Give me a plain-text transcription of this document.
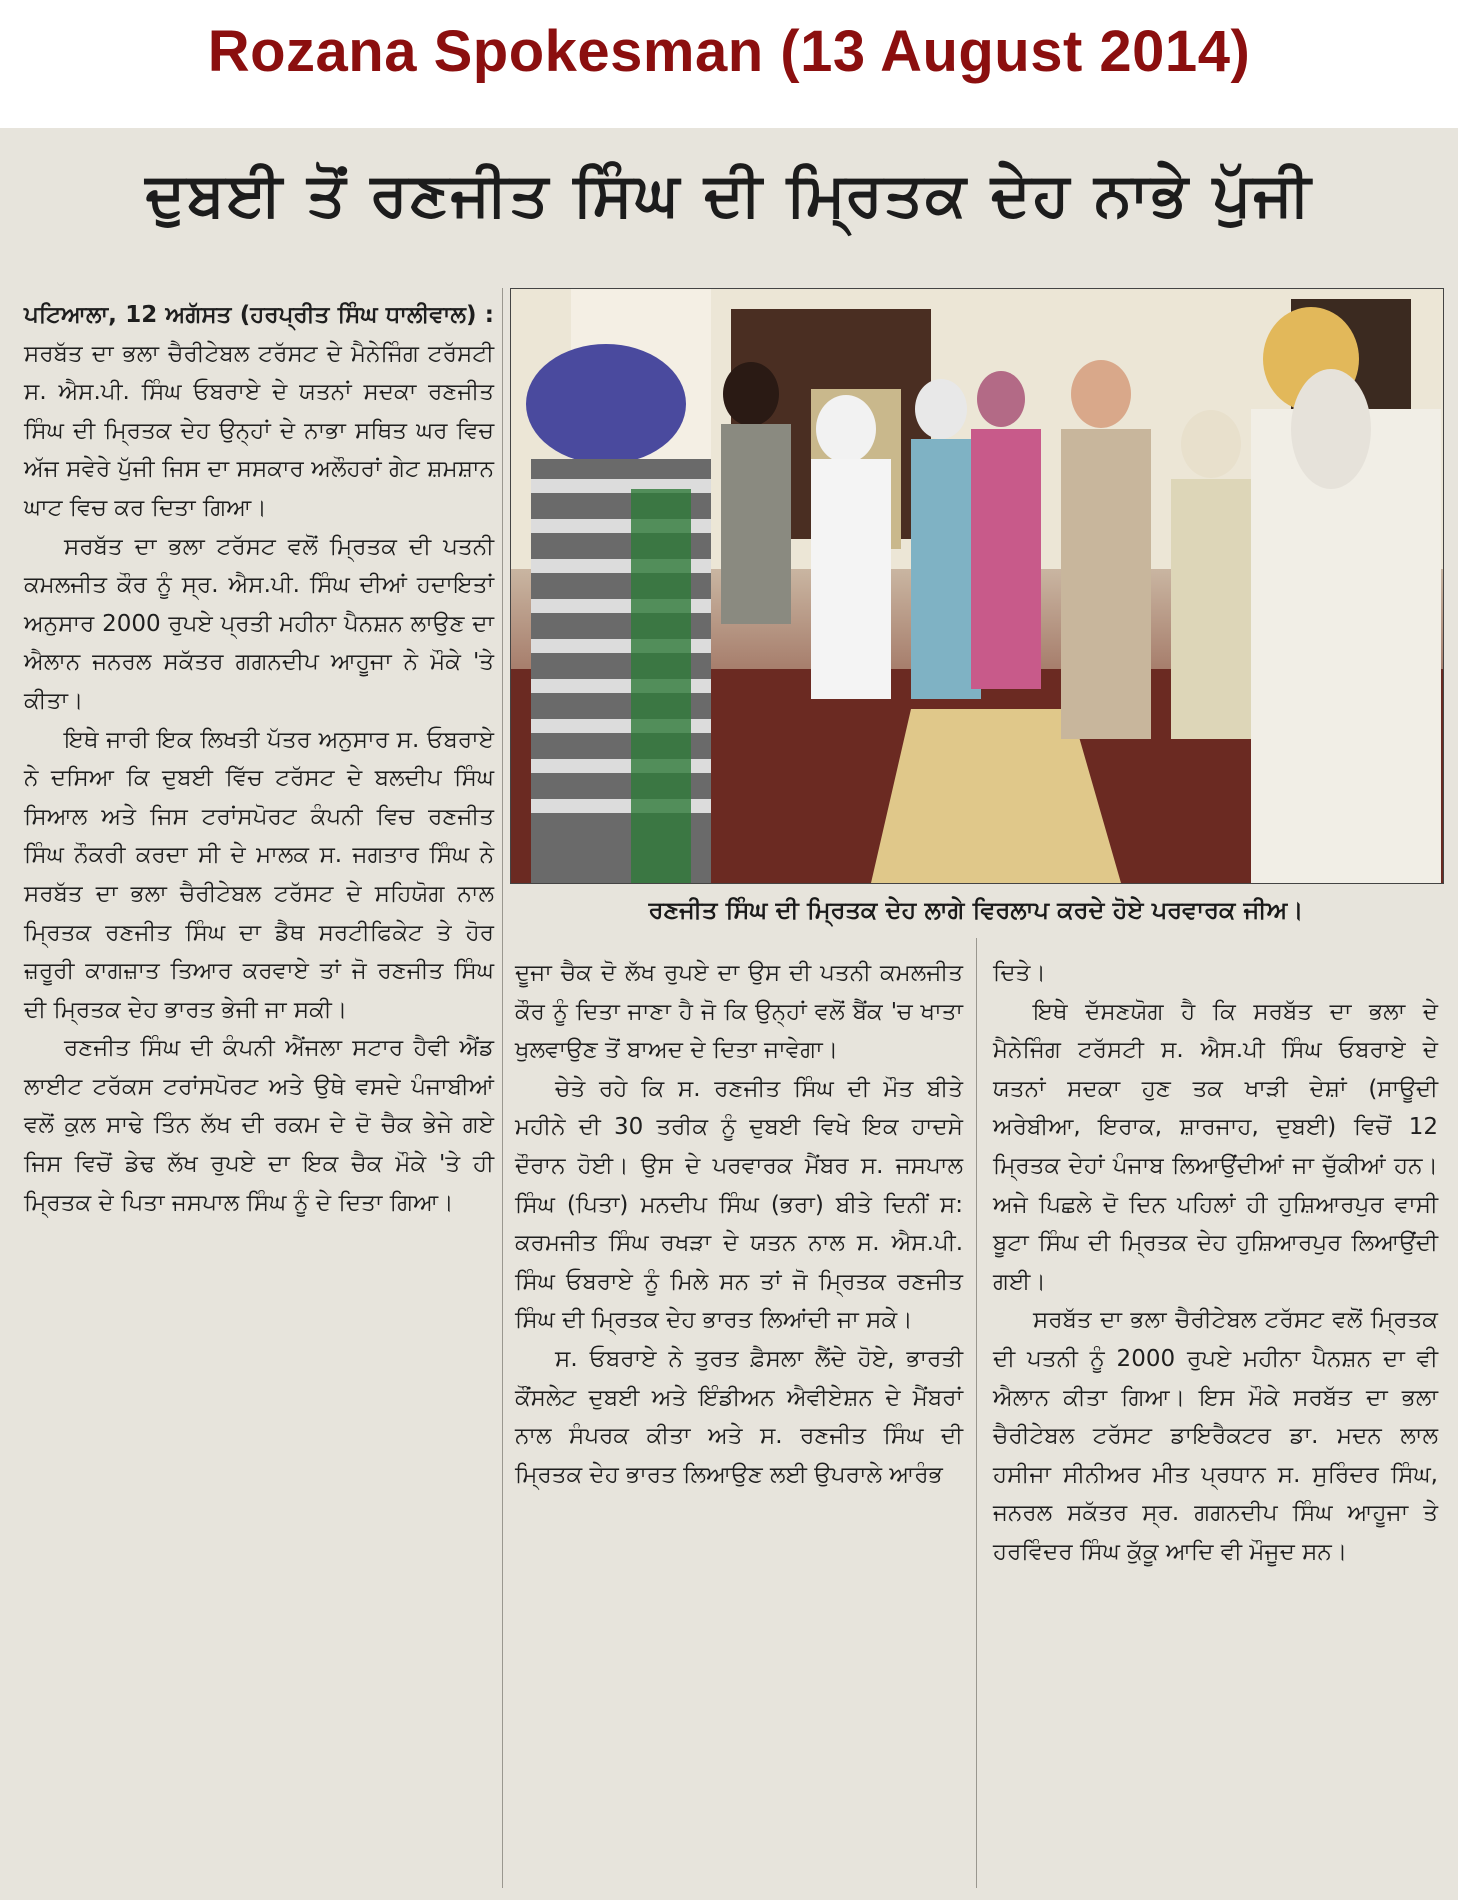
Rozana Spokesman (13 August 2014)
ਦੁਬਈ ਤੋਂ ਰਣਜੀਤ ਸਿੰਘ ਦੀ ਮ੍ਰਿਤਕ ਦੇਹ ਨਾਭੇ ਪੁੱਜੀ

ਪਟਿਆਲਾ, 12 ਅਗੱਸਤ (ਹਰਪ੍ਰੀਤ ਸਿੰਘ ਧਾਲੀਵਾਲ) : ਸਰਬੱਤ ਦਾ ਭਲਾ ਚੈਰੀਟੇਬਲ ਟਰੱਸਟ ਦੇ ਮੈਨੇਜਿੰਗ ਟਰੱਸਟੀ ਸ. ਐਸ.ਪੀ. ਸਿੰਘ ਓਬਰਾਏ ਦੇ ਯਤਨਾਂ ਸਦਕਾ ਰਣਜੀਤ ਸਿੰਘ ਦੀ ਮ੍ਰਿਤਕ ਦੇਹ ਉਨ੍ਹਾਂ ਦੇ ਨਾਭਾ ਸਥਿਤ ਘਰ ਵਿਚ ਅੱਜ ਸਵੇਰੇ ਪੁੱਜੀ ਜਿਸ ਦਾ ਸਸਕਾਰ ਅਲੌਹਰਾਂ ਗੇਟ ਸ਼ਮਸ਼ਾਨ ਘਾਟ ਵਿਚ ਕਰ ਦਿਤਾ ਗਿਆ।

ਸਰਬੱਤ ਦਾ ਭਲਾ ਟਰੱਸਟ ਵਲੋਂ ਮ੍ਰਿਤਕ ਦੀ ਪਤਨੀ ਕਮਲਜੀਤ ਕੌਰ ਨੂੰ ਸ੍ਰ. ਐਸ.ਪੀ. ਸਿੰਘ ਦੀਆਂ ਹਦਾਇਤਾਂ ਅਨੁਸਾਰ 2000 ਰੁਪਏ ਪ੍ਰਤੀ ਮਹੀਨਾ ਪੈਨਸ਼ਨ ਲਾਉਣ ਦਾ ਐਲਾਨ ਜਨਰਲ ਸਕੱਤਰ ਗਗਨਦੀਪ ਆਹੂਜਾ ਨੇ ਮੌਕੇ 'ਤੇ ਕੀਤਾ।

ਇਥੇ ਜਾਰੀ ਇਕ ਲਿਖਤੀ ਪੱਤਰ ਅਨੁਸਾਰ ਸ. ਓਬਰਾਏ ਨੇ ਦਸਿਆ ਕਿ ਦੁਬਈ ਵਿੱਚ ਟਰੱਸਟ ਦੇ ਬਲਦੀਪ ਸਿੰਘ ਸਿਆਲ ਅਤੇ ਜਿਸ ਟਰਾਂਸਪੋਰਟ ਕੰਪਨੀ ਵਿਚ ਰਣਜੀਤ ਸਿੰਘ ਨੌਕਰੀ ਕਰਦਾ ਸੀ ਦੇ ਮਾਲਕ ਸ. ਜਗਤਾਰ ਸਿੰਘ ਨੇ ਸਰਬੱਤ ਦਾ ਭਲਾ ਚੈਰੀਟੇਬਲ ਟਰੱਸਟ ਦੇ ਸਹਿਯੋਗ ਨਾਲ ਮ੍ਰਿਤਕ ਰਣਜੀਤ ਸਿੰਘ ਦਾ ਡੈਥ ਸਰਟੀਫਿਕੇਟ ਤੇ ਹੋਰ ਜ਼ਰੂਰੀ ਕਾਗਜ਼ਾਤ ਤਿਆਰ ਕਰਵਾਏ ਤਾਂ ਜੋ ਰਣਜੀਤ ਸਿੰਘ ਦੀ ਮ੍ਰਿਤਕ ਦੇਹ ਭਾਰਤ ਭੇਜੀ ਜਾ ਸਕੀ।

ਰਣਜੀਤ ਸਿੰਘ ਦੀ ਕੰਪਨੀ ਐਂਜਲਾ ਸਟਾਰ ਹੈਵੀ ਐਂਡ ਲਾਈਟ ਟਰੱਕਸ ਟਰਾਂਸਪੋਰਟ ਅਤੇ ਉਥੇ ਵਸਦੇ ਪੰਜਾਬੀਆਂ ਵਲੋਂ ਕੁਲ ਸਾਢੇ ਤਿੰਨ ਲੱਖ ਦੀ ਰਕਮ ਦੇ ਦੋ ਚੈਕ ਭੇਜੇ ਗਏ ਜਿਸ ਵਿਚੋਂ ਡੇਢ ਲੱਖ ਰੁਪਏ ਦਾ ਇਕ ਚੈਕ ਮੌਕੇ 'ਤੇ ਹੀ ਮ੍ਰਿਤਕ ਦੇ ਪਿਤਾ ਜਸਪਾਲ ਸਿੰਘ ਨੂੰ ਦੇ ਦਿਤਾ ਗਿਆ।

ਰਣਜੀਤ ਸਿੰਘ ਦੀ ਮ੍ਰਿਤਕ ਦੇਹ ਲਾਗੇ ਵਿਰਲਾਪ ਕਰਦੇ ਹੋਏ ਪਰਵਾਰਕ ਜੀਅ।

ਦੂਜਾ ਚੈਕ ਦੋ ਲੱਖ ਰੁਪਏ ਦਾ ਉਸ ਦੀ ਪਤਨੀ ਕਮਲਜੀਤ ਕੌਰ ਨੂੰ ਦਿਤਾ ਜਾਣਾ ਹੈ ਜੋ ਕਿ ਉਨ੍ਹਾਂ ਵਲੋਂ ਬੈਂਕ 'ਚ ਖਾਤਾ ਖੁਲਵਾਉਣ ਤੋਂ ਬਾਅਦ ਦੇ ਦਿਤਾ ਜਾਵੇਗਾ।

ਚੇਤੇ ਰਹੇ ਕਿ ਸ. ਰਣਜੀਤ ਸਿੰਘ ਦੀ ਮੌਤ ਬੀਤੇ ਮਹੀਨੇ ਦੀ 30 ਤਰੀਕ ਨੂੰ ਦੁਬਈ ਵਿਖੇ ਇਕ ਹਾਦਸੇ ਦੌਰਾਨ ਹੋਈ। ਉਸ ਦੇ ਪਰਵਾਰਕ ਮੈਂਬਰ ਸ. ਜਸਪਾਲ ਸਿੰਘ (ਪਿਤਾ) ਮਨਦੀਪ ਸਿੰਘ (ਭਰਾ) ਬੀਤੇ ਦਿਨੀਂ ਸ: ਕਰਮਜੀਤ ਸਿੰਘ ਰਖੜਾ ਦੇ ਯਤਨ ਨਾਲ ਸ. ਐਸ.ਪੀ. ਸਿੰਘ ਓਬਰਾਏ ਨੂੰ ਮਿਲੇ ਸਨ ਤਾਂ ਜੋ ਮ੍ਰਿਤਕ ਰਣਜੀਤ ਸਿੰਘ ਦੀ ਮ੍ਰਿਤਕ ਦੇਹ ਭਾਰਤ ਲਿਆਂਦੀ ਜਾ ਸਕੇ।

ਸ. ਓਬਰਾਏ ਨੇ ਤੁਰਤ ਫ਼ੈਸਲਾ ਲੈਂਦੇ ਹੋਏ, ਭਾਰਤੀ ਕੌਂਸਲੇਟ ਦੁਬਈ ਅਤੇ ਇੰਡੀਅਨ ਐਵੀਏਸ਼ਨ ਦੇ ਮੈਂਬਰਾਂ ਨਾਲ ਸੰਪਰਕ ਕੀਤਾ ਅਤੇ ਸ. ਰਣਜੀਤ ਸਿੰਘ ਦੀ ਮ੍ਰਿਤਕ ਦੇਹ ਭਾਰਤ ਲਿਆਉਣ ਲਈ ਉਪਰਾਲੇ ਆਰੰਭ

ਦਿਤੇ।

ਇਥੇ ਦੱਸਣਯੋਗ ਹੈ ਕਿ ਸਰਬੱਤ ਦਾ ਭਲਾ ਦੇ ਮੈਨੇਜਿੰਗ ਟਰੱਸਟੀ ਸ. ਐਸ.ਪੀ ਸਿੰਘ ਓਬਰਾਏ ਦੇ ਯਤਨਾਂ ਸਦਕਾ ਹੁਣ ਤਕ ਖਾੜੀ ਦੇਸ਼ਾਂ (ਸਾਊਦੀ ਅਰੇਬੀਆ, ਇਰਾਕ, ਸ਼ਾਰਜਾਹ, ਦੁਬਈ) ਵਿਚੋਂ 12 ਮ੍ਰਿਤਕ ਦੇਹਾਂ ਪੰਜਾਬ ਲਿਆਉਂਦੀਆਂ ਜਾ ਚੁੱਕੀਆਂ ਹਨ। ਅਜੇ ਪਿਛਲੇ ਦੋ ਦਿਨ ਪਹਿਲਾਂ ਹੀ ਹੁਸ਼ਿਆਰਪੁਰ ਵਾਸੀ ਬੂਟਾ ਸਿੰਘ ਦੀ ਮ੍ਰਿਤਕ ਦੇਹ ਹੁਸ਼ਿਆਰਪੁਰ ਲਿਆਉਂਦੀ ਗਈ।

ਸਰਬੱਤ ਦਾ ਭਲਾ ਚੈਰੀਟੇਬਲ ਟਰੱਸਟ ਵਲੋਂ ਮ੍ਰਿਤਕ ਦੀ ਪਤਨੀ ਨੂੰ 2000 ਰੁਪਏ ਮਹੀਨਾ ਪੈਨਸ਼ਨ ਦਾ ਵੀ ਐਲਾਨ ਕੀਤਾ ਗਿਆ। ਇਸ ਮੌਕੇ ਸਰਬੱਤ ਦਾ ਭਲਾ ਚੈਰੀਟੇਬਲ ਟਰੱਸਟ ਡਾਇਰੈਕਟਰ ਡਾ. ਮਦਨ ਲਾਲ ਹਸੀਜਾ ਸੀਨੀਅਰ ਮੀਤ ਪ੍ਰਧਾਨ ਸ. ਸੁਰਿੰਦਰ ਸਿੰਘ, ਜਨਰਲ ਸਕੱਤਰ ਸ੍ਰ. ਗਗਨਦੀਪ ਸਿੰਘ ਆਹੂਜਾ ਤੇ ਹਰਵਿੰਦਰ ਸਿੰਘ ਕੁੱਕੂ ਆਦਿ ਵੀ ਮੌਜੂਦ ਸਨ।
